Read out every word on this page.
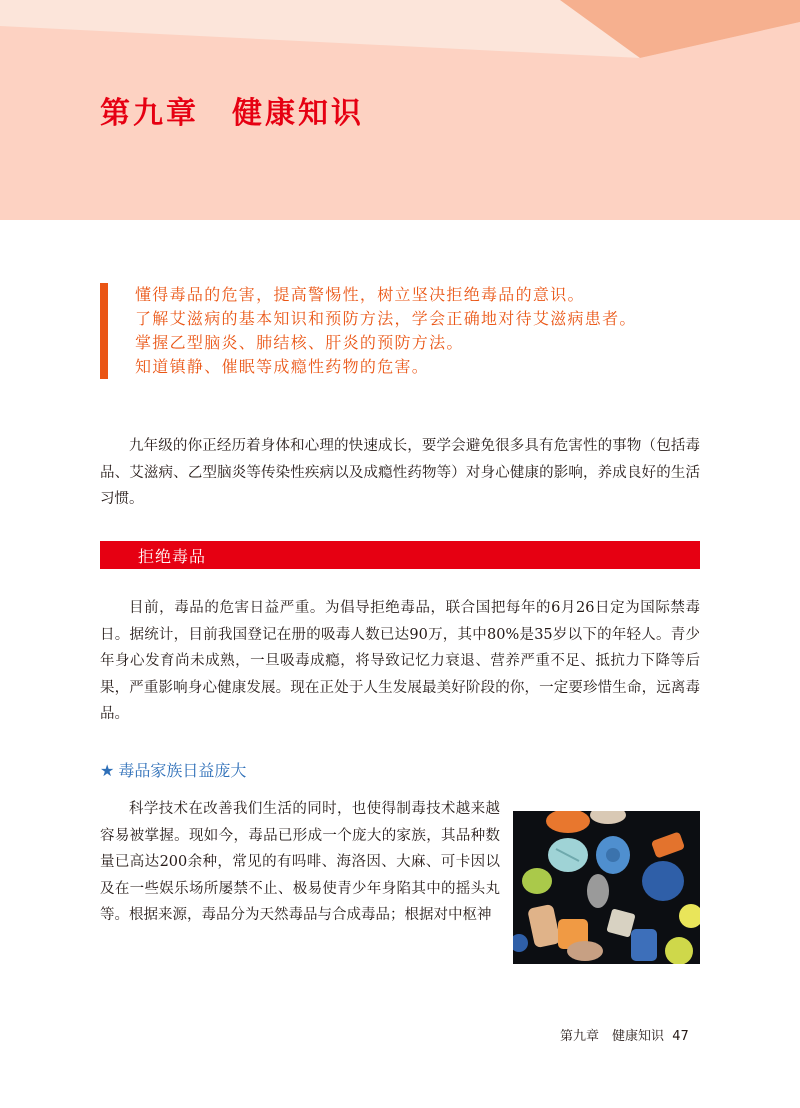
第九章　健康知识
懂得毒品的危害，提高警惕性，树立坚决拒绝毒品的意识。
了解艾滋病的基本知识和预防方法，学会正确地对待艾滋病患者。
掌握乙型脑炎、肺结核、肝炎的预防方法。
知道镇静、催眠等成瘾性药物的危害。

九年级的你正经历着身体和心理的快速成长，要学会避免很多具有危害性的事物（包括毒品、艾滋病、乙型脑炎等传染性疾病以及成瘾性药物等）对身心健康的影响，养成良好的生活习惯。

拒绝毒品

目前，毒品的危害日益严重。为倡导拒绝毒品，联合国把每年的6月26日定为国际禁毒日。据统计，目前我国登记在册的吸毒人数已达90万，其中80%是35岁以下的年轻人。青少年身心发育尚未成熟，一旦吸毒成瘾，将导致记忆力衰退、营养严重不足、抵抗力下降等后果，严重影响身心健康发展。现在正处于人生发展最美好阶段的你，一定要珍惜生命，远离毒品。

★ 毒品家族日益庞大

科学技术在改善我们生活的同时，也使得制毒技术越来越容易被掌握。现如今，毒品已形成一个庞大的家族，其品种数量已高达200余种，常见的有吗啡、海洛因、大麻、可卡因以及在一些娱乐场所屡禁不止、极易使青少年身陷其中的摇头丸等。根据来源，毒品分为天然毒品与合成毒品；根据对中枢神

第九章　健康知识 47
